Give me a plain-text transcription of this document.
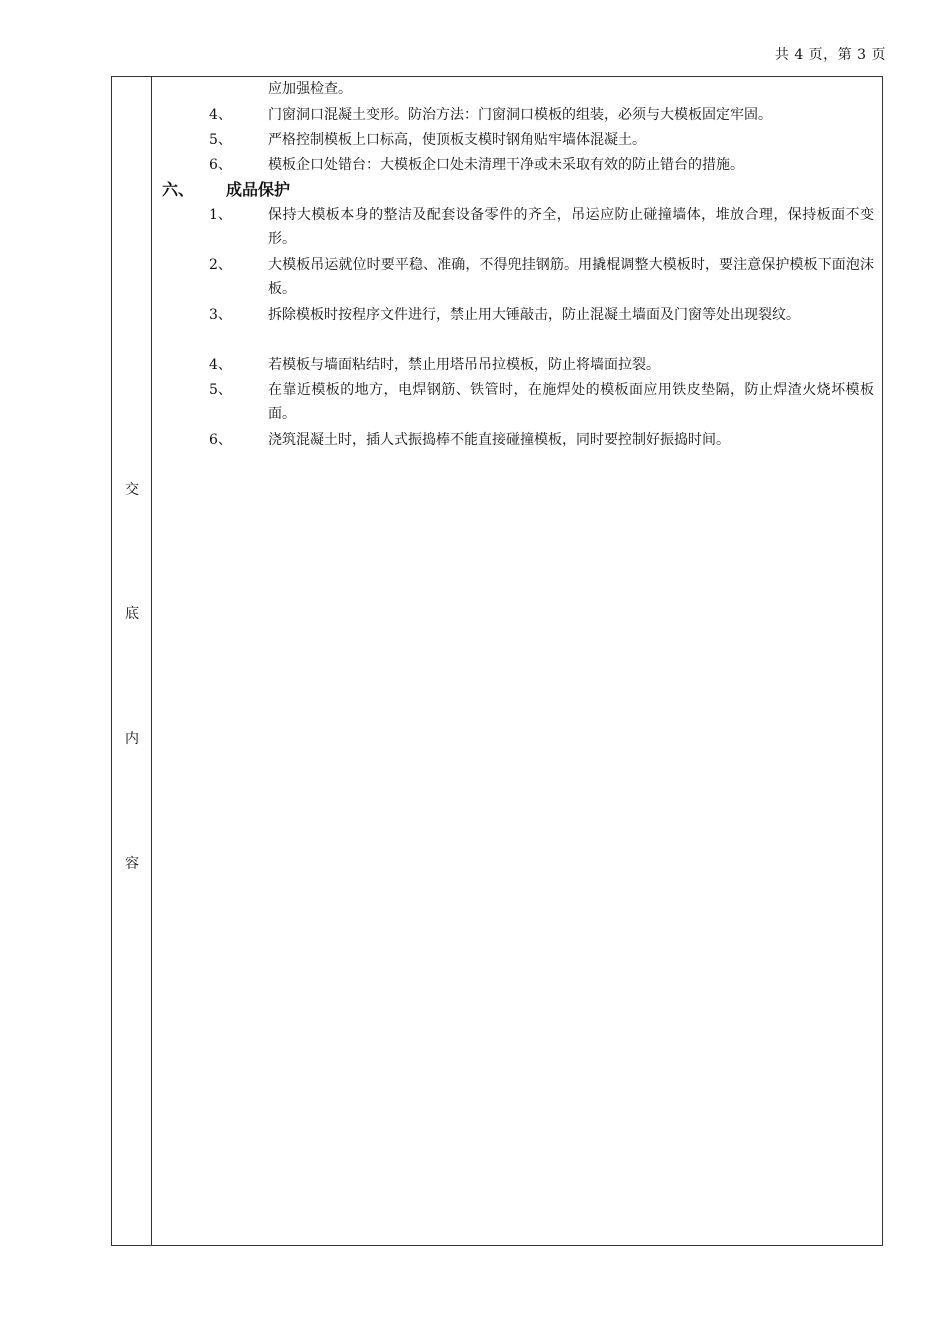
共 4 页，第 3 页
交
底
内
容
应加强检查。
4、	门窗洞口混凝土变形。防治方法：门窗洞口模板的组装，必须与大模板固定牢固。
5、	严格控制模板上口标高，使顶板支模时钢角贴牢墙体混凝土。
6、	模板企口处错台：大模板企口处未清理干净或未采取有效的防止错台的措施。
六、 成品保护
1、	保持大模板本身的整洁及配套设备零件的齐全，吊运应防止碰撞墙体，堆放合理，保持板面不变形。
2、	大模板吊运就位时要平稳、准确，不得兜挂钢筋。用撬棍调整大模板时，要注意保护模板下面泡沫板。
3、	拆除模板时按程序文件进行，禁止用大锤敲击，防止混凝土墙面及门窗等处出现裂纹。
4、	若模板与墙面粘结时，禁止用塔吊吊拉模板，防止将墙面拉裂。
5、	在靠近模板的地方，电焊钢筋、铁管时，在施焊处的模板面应用铁皮垫隔，防止焊渣火烧坏模板面。
6、	浇筑混凝土时，插人式振捣棒不能直接碰撞模板，同时要控制好振捣时间。
